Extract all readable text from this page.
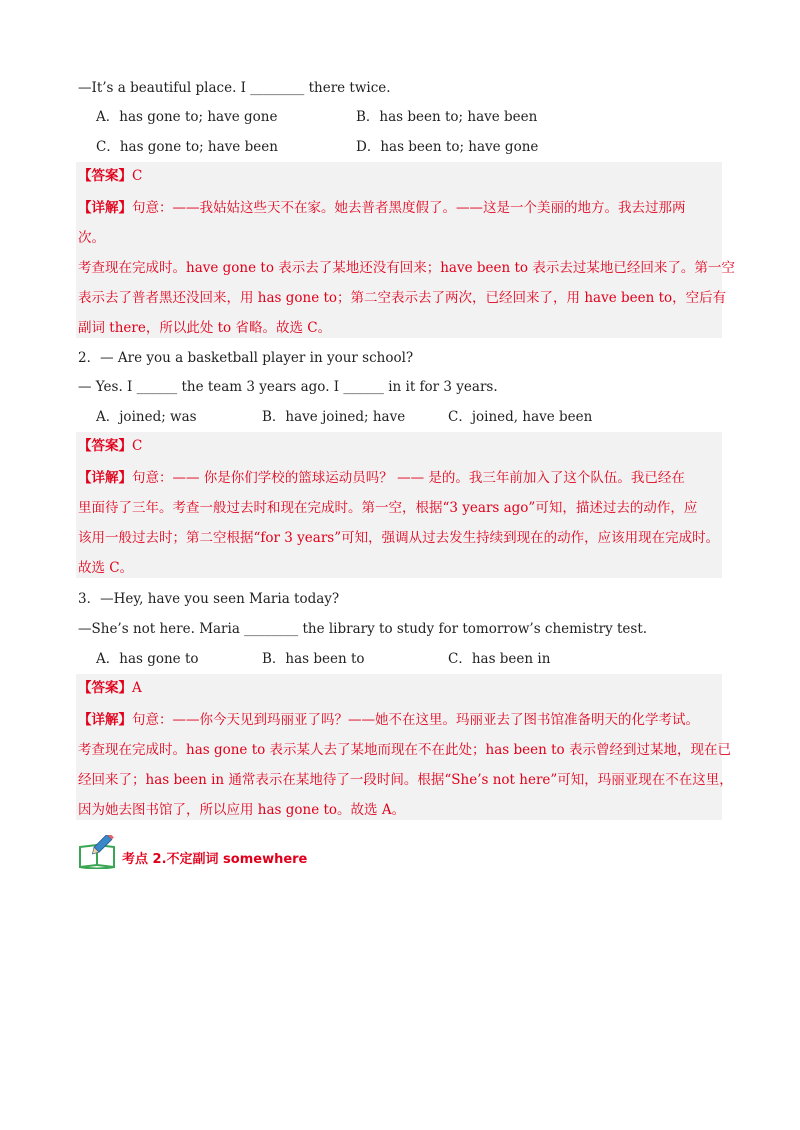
—It’s a beautiful place. I ________ there twice.
A．has gone to; have gone	B．has been to; have been
C．has gone to; have been	D．has been to; have gone
【答案】C
【详解】句意：——我姑姑这些天不在家。她去普者黑度假了。——这是一个美丽的地方。我去过那两
次。
考查现在完成时。have gone to 表示去了某地还没有回来；have been to 表示去过某地已经回来了。第一空
表示去了普者黑还没回来，用 has gone to；第二空表示去了两次，已经回来了，用 have been to，空后有
副词 there，所以此处 to 省略。故选 C。
2．— Are you a basketball player in your school?
— Yes. I ______ the team 3 years ago. I ______ in it for 3 years.
A．joined; was	B．have joined; have	C．joined, have been
【答案】C
【详解】句意：—— 你是你们学校的篮球运动员吗？ —— 是的。我三年前加入了这个队伍。我已经在
里面待了三年。考查一般过去时和现在完成时。第一空，根据“3 years ago”可知，描述过去的动作，应
该用一般过去时；第二空根据“for 3 years”可知，强调从过去发生持续到现在的动作，应该用现在完成时。
故选 C。
3．—Hey, have you seen Maria today?
—She’s not here. Maria ________ the library to study for tomorrow’s chemistry test.
A．has gone to	B．has been to	C．has been in
【答案】A
【详解】句意：——你今天见到玛丽亚了吗？——她不在这里。玛丽亚去了图书馆准备明天的化学考试。
考查现在完成时。has gone to 表示某人去了某地而现在不在此处；has been to 表示曾经到过某地，现在已
经回来了；has been in 通常表示在某地待了一段时间。根据“She’s not here”可知，玛丽亚现在不在这里，
因为她去图书馆了，所以应用 has gone to。故选 A。
考点 2.不定副词 somewhere
